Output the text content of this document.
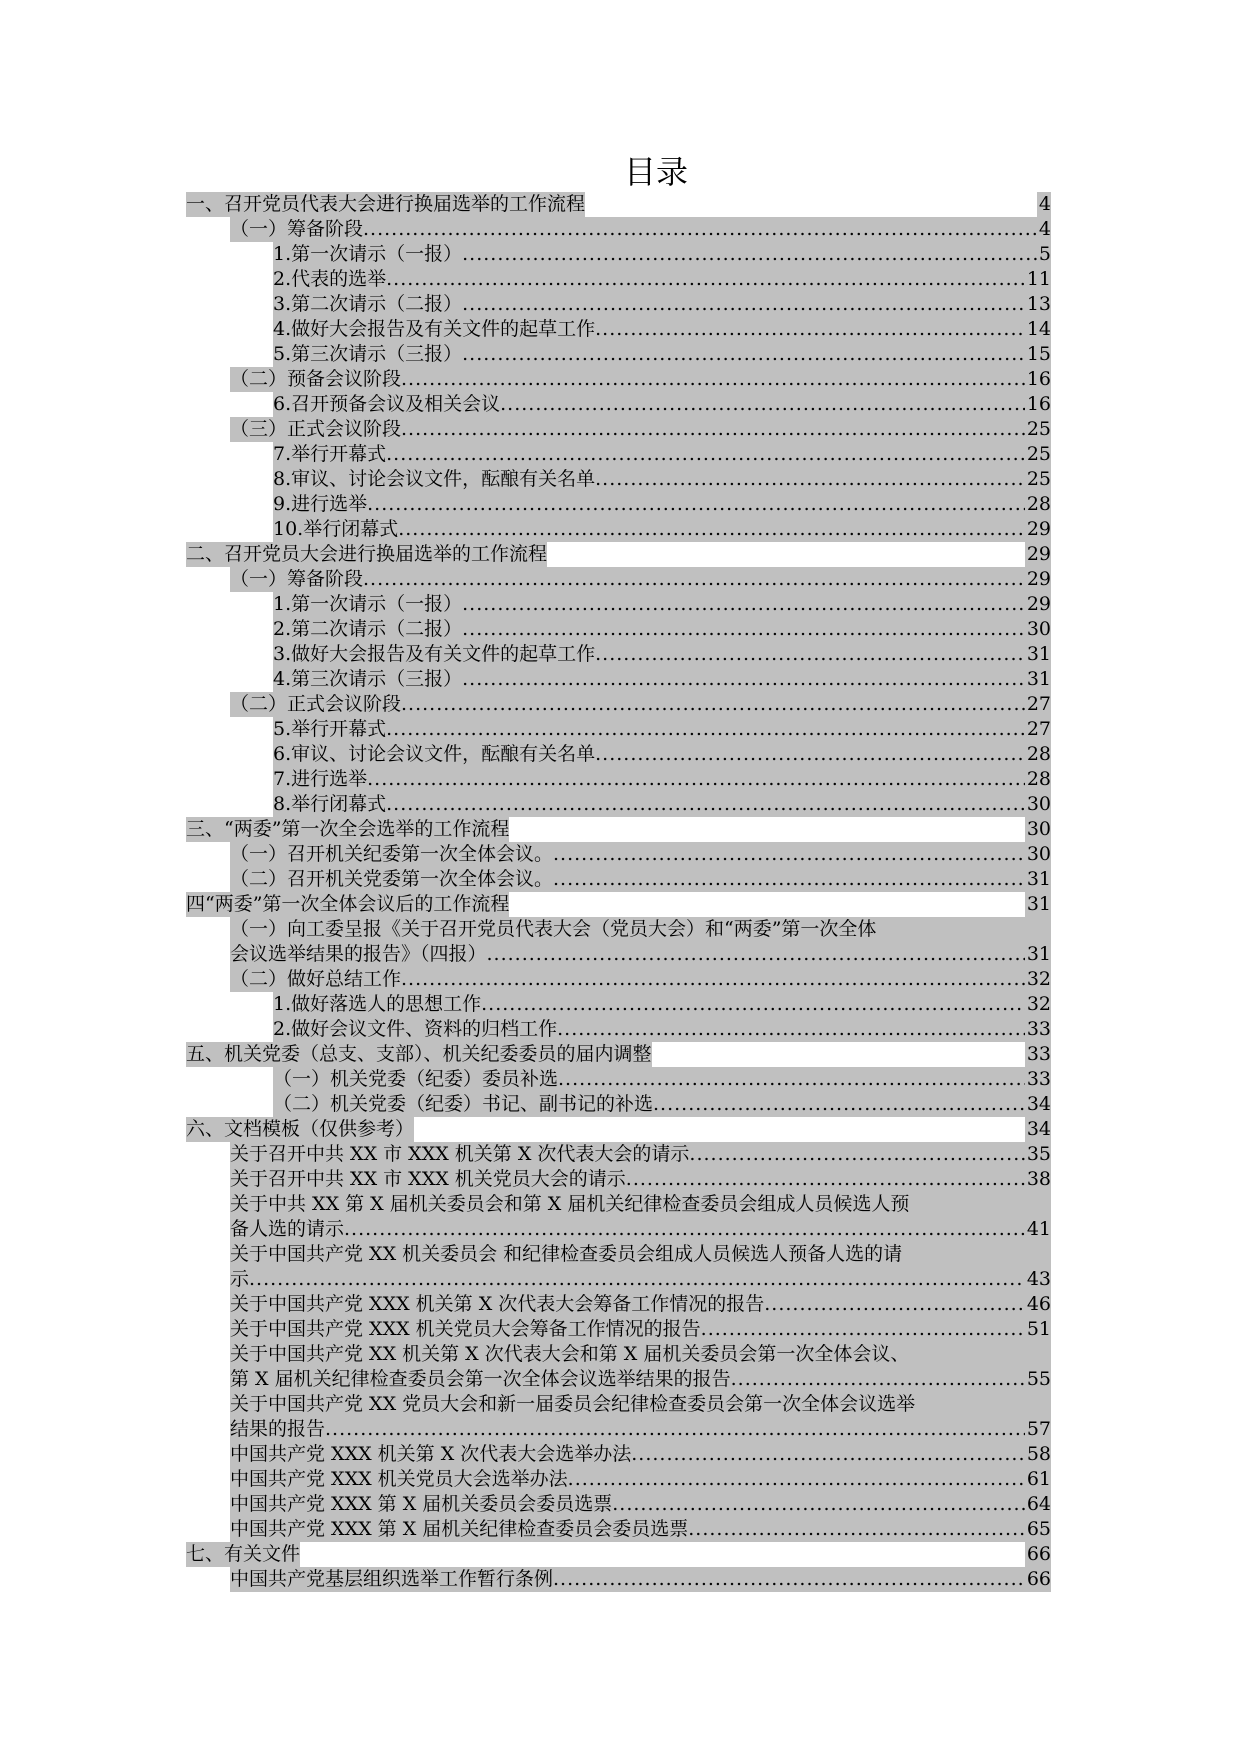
目录
一、召开党员代表大会进行换届选举的工作流程	4
（一）筹备阶段 .....	4
1.第一次请示（一报） .....	5
2.代表的选举 .....	11
3.第二次请示（二报） .....	13
4.做好大会报告及有关文件的起草工作 .....	14
5.第三次请示（三报） .....	15
（二）预备会议阶段 .....	16
6.召开预备会议及相关会议 .....	16
（三）正式会议阶段 .....	25
7.举行开幕式 .....	25
8.审议、讨论会议文件，酝酿有关名单 .....	25
9.进行选举 .....	28
10.举行闭幕式 .....	29
二、召开党员大会进行换届选举的工作流程	29
（一）筹备阶段 .....	29
1.第一次请示（一报） .....	29
2.第二次请示（二报） .....	30
3.做好大会报告及有关文件的起草工作 .....	31
4.第三次请示（三报） .....	31
（二）正式会议阶段 .....	27
5.举行开幕式 .....	27
6.审议、讨论会议文件，酝酿有关名单 .....	28
7.进行选举 .....	28
8.举行闭幕式 .....	30
三、“两委”第一次全会选举的工作流程	30
（一）召开机关纪委第一次全体会议。 .....	30
（二）召开机关党委第一次全体会议。 .....	31
四“两委”第一次全体会议后的工作流程	31
（一）向工委呈报《关于召开党员代表大会（党员大会）和“两委”第一次全体
会议选举结果的报告》（四报） .....	31
（二）做好总结工作 .....	32
1.做好落选人的思想工作 .....	32
2.做好会议文件、资料的归档工作 .....	33
五、机关党委（总支、支部）、机关纪委委员的届内调整	33
（一）机关党委（纪委）委员补选 .....	33
（二）机关党委（纪委）书记、副书记的补选 .....	34
六、文档模板（仅供参考）	34
关于召开中共 XX 市 XXX 机关第 X 次代表大会的请示 .....	35
关于召开中共 XX 市 XXX 机关党员大会的请示 .....	38
关于中共 XX 第 X 届机关委员会和第 X 届机关纪律检查委员会组成人员候选人预
备人选的请示 .....	41
关于中国共产党 XX 机关委员会 和纪律检查委员会组成人员候选人预备人选的请
示 .....	43
关于中国共产党 XXX 机关第 X 次代表大会筹备工作情况的报告 .....	46
关于中国共产党 XXX 机关党员大会筹备工作情况的报告 .....	51
关于中国共产党 XX 机关第 X 次代表大会和第 X 届机关委员会第一次全体会议、
第 X 届机关纪律检查委员会第一次全体会议选举结果的报告 .....	55
关于中国共产党 XX 党员大会和新一届委员会纪律检查委员会第一次全体会议选举
结果的报告 .....	57
中国共产党 XXX 机关第 X 次代表大会选举办法 .....	58
中国共产党 XXX 机关党员大会选举办法 .....	61
中国共产党 XXX 第 X 届机关委员会委员选票 .....	64
中国共产党 XXX 第 X 届机关纪律检查委员会委员选票 .....	65
七、有关文件	66
中国共产党基层组织选举工作暂行条例 .....	66
